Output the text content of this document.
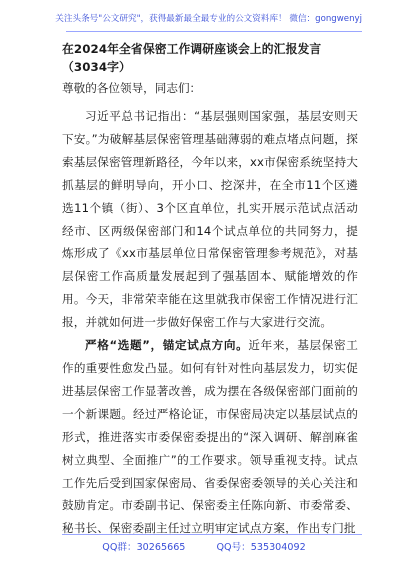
关注头条号"公文研究"，获得最新最全最专业的公文资料库！ 微信：gongwenyj
在2024年全省保密工作调研座谈会上的汇报发言（3034字）
尊敬的各位领导，同志们：

习近平总书记指出：“基层强则国家强，基层安则天下安。”为破解基层保密管理基础薄弱的难点堵点问题，探索基层保密管理新路径，今年以来，xx市保密系统坚持大抓基层的鲜明导向，开小口、挖深井，在全市11个区遴选11个镇（街）、3个区直单位，扎实开展示范试点活动经市、区两级保密部门和14个试点单位的共同努力，提炼形成了《xx市基层单位日常保密管理参考规范》，对基层保密工作高质量发展起到了强基固本、赋能增效的作用。今天，非常荣幸能在这里就我市保密工作情况进行汇报，并就如何进一步做好保密工作与大家进行交流。

严格“选题”，锚定试点方向。近年来，基层保密工作的重要性愈发凸显。如何有针对性向基层发力，切实促进基层保密工作显著改善，成为摆在各级保密部门面前的一个新课题。经过严格论证，市保密局决定以基层试点的形式，推进落实市委保密委提出的“深入调研、解剖麻雀树立典型、全面推广”的工作要求。领导重视支持。试点工作先后受到国家保密局、省委保密委领导的关心关注和鼓励肯定。市委副书记、保密委主任陈向新、市委常委、秘书长、保密委副主任过立明审定试点方案，作出专门批

QQ群：30265665	QQ号：535304092
